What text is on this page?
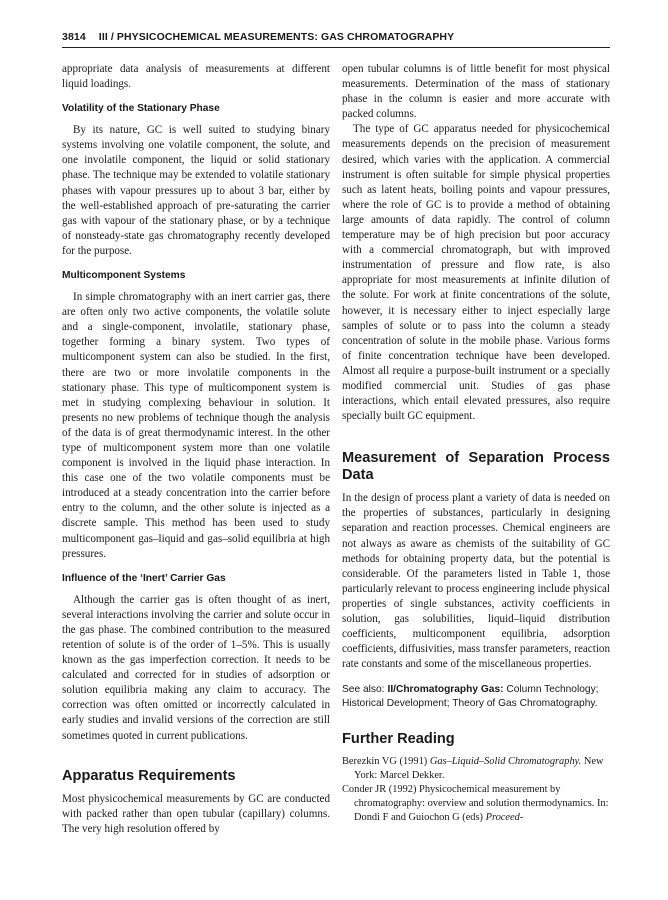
3814 III / PHYSICOCHEMICAL MEASUREMENTS: GAS CHROMATOGRAPHY

appropriate data analysis of measurements at different liquid loadings.

Volatility of the Stationary Phase

By its nature, GC is well suited to studying binary systems involving one volatile component, the solute, and one involatile component, the liquid or solid stationary phase. The technique may be extended to volatile stationary phases with vapour pressures up to about 3 bar, either by the well-established approach of pre-saturating the carrier gas with vapour of the stationary phase, or by a technique of nonsteady-state gas chromatography recently developed for the purpose.

Multicomponent Systems

In simple chromatography with an inert carrier gas, there are often only two active components, the volatile solute and a single-component, involatile, stationary phase, together forming a binary system. Two types of multicomponent system can also be studied. In the first, there are two or more involatile components in the stationary phase. This type of multicomponent system is met in studying complexing behaviour in solution. It presents no new problems of technique though the analysis of the data is of great thermodynamic interest. In the other type of multicomponent system more than one volatile component is involved in the liquid phase interaction. In this case one of the two volatile components must be introduced at a steady concentration into the carrier before entry to the column, and the other solute is injected as a discrete sample. This method has been used to study multicomponent gas–liquid and gas–solid equilibria at high pressures.

Influence of the ‘Inert’ Carrier Gas

Although the carrier gas is often thought of as inert, several interactions involving the carrier and solute occur in the gas phase. The combined contribution to the measured retention of solute is of the order of 1–5%. This is usually known as the gas imperfection correction. It needs to be calculated and corrected for in studies of adsorption or solution equilibria making any claim to accuracy. The correction was often omitted or incorrectly calculated in early studies and invalid versions of the correction are still sometimes quoted in current publications.

Apparatus Requirements

Most physicochemical measurements by GC are conducted with packed rather than open tubular (capillary) columns. The very high resolution offered by

open tubular columns is of little benefit for most physical measurements. Determination of the mass of stationary phase in the column is easier and more accurate with packed columns.

The type of GC apparatus needed for physicochemical measurements depends on the precision of measurement desired, which varies with the application. A commercial instrument is often suitable for simple physical properties such as latent heats, boiling points and vapour pressures, where the role of GC is to provide a method of obtaining large amounts of data rapidly. The control of column temperature may be of high precision but poor accuracy with a commercial chromatograph, but with improved instrumentation of pressure and flow rate, is also appropriate for most measurements at infinite dilution of the solute. For work at finite concentrations of the solute, however, it is necessary either to inject especially large samples of solute or to pass into the column a steady concentration of solute in the mobile phase. Various forms of finite concentration technique have been developed. Almost all require a purpose-built instrument or a specially modified commercial unit. Studies of gas phase interactions, which entail elevated pressures, also require specially built GC equipment.

Measurement of Separation Process Data

In the design of process plant a variety of data is needed on the properties of substances, particularly in designing separation and reaction processes. Chemical engineers are not always as aware as chemists of the suitability of GC methods for obtaining property data, but the potential is considerable. Of the parameters listed in Table 1, those particularly relevant to process engineering include physical properties of single substances, activity coefficients in solution, gas solubilities, liquid–liquid distribution coefficients, multicomponent equilibria, adsorption coefficients, diffusivities, mass transfer parameters, reaction rate constants and some of the miscellaneous properties.

See also: II/Chromatography Gas: Column Technology; Historical Development; Theory of Gas Chromatography.
Further Reading
Berezkin VG (1991) Gas–Liquid–Solid Chromatography. New York: Marcel Dekker.
Conder JR (1992) Physicochemical measurement by chromatography: overview and solution thermodynamics. In: Dondi F and Guiochon G (eds) Proceed-
